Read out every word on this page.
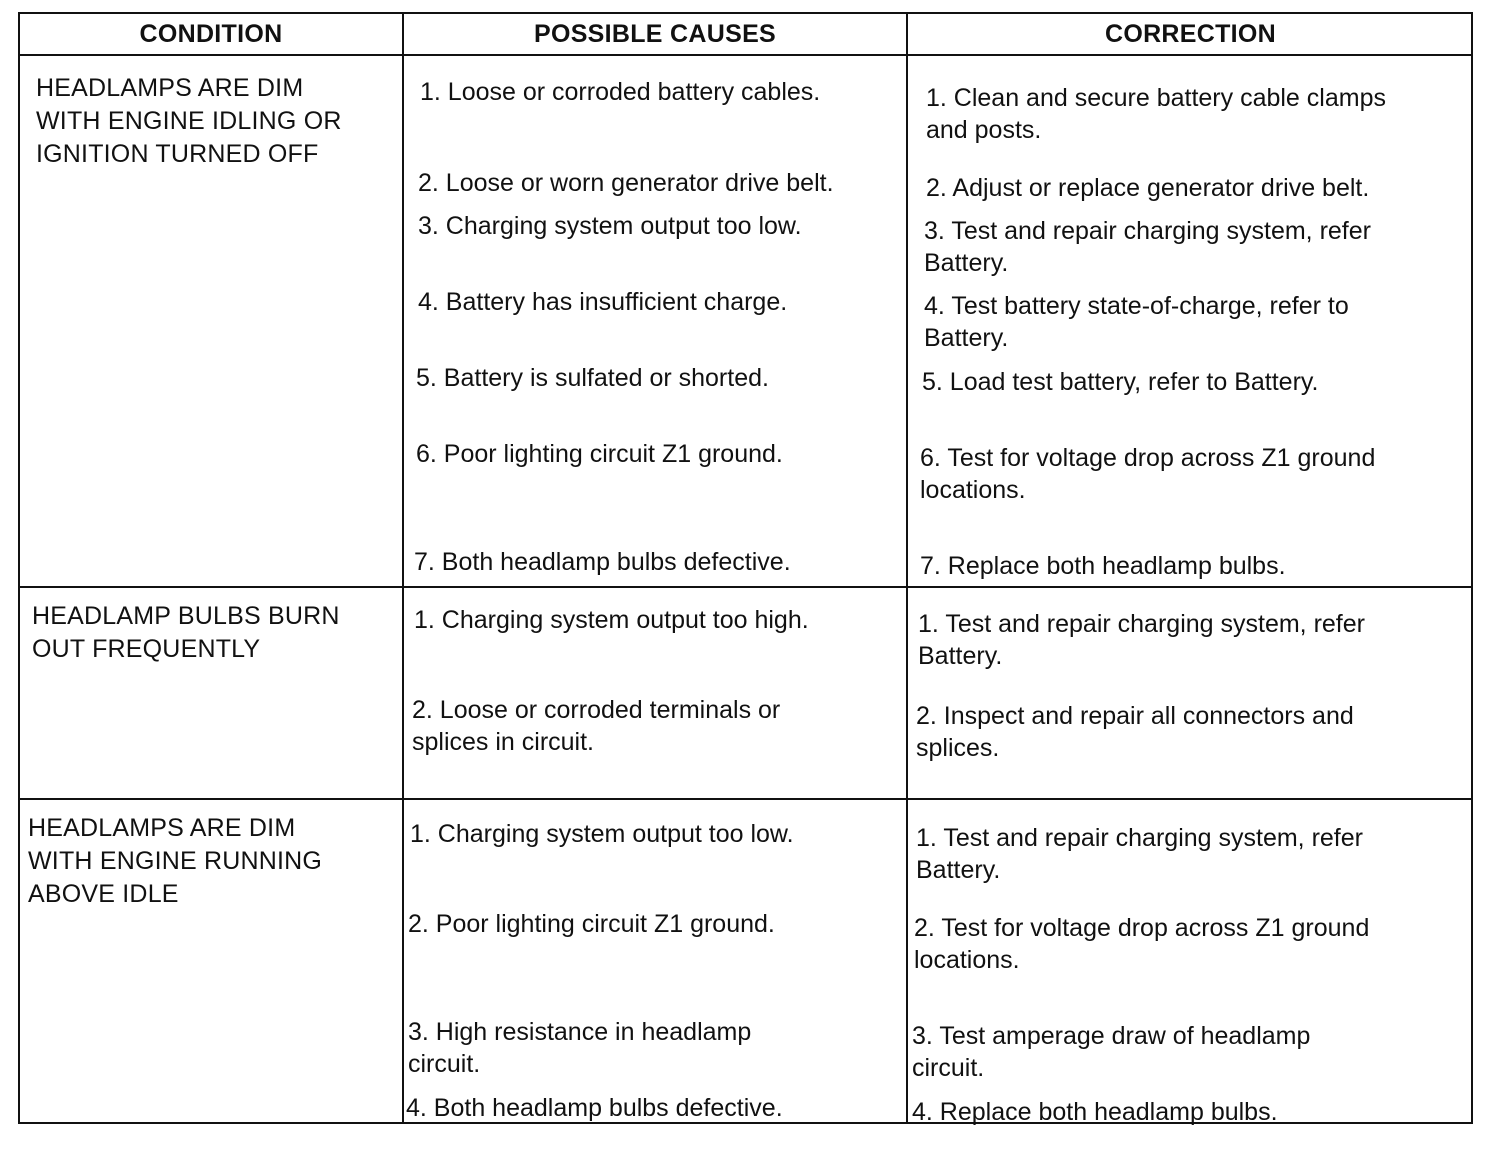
CONDITION	POSSIBLE CAUSES	CORRECTION
HEADLAMPS ARE DIM
WITH ENGINE IDLING OR
IGNITION TURNED OFF
1. Loose or corroded battery cables.
2. Loose or worn generator drive belt.
3. Charging system output too low.
4. Battery has insufficient charge.
5. Battery is sulfated or shorted.
6. Poor lighting circuit Z1 ground.
7. Both headlamp bulbs defective.
1. Clean and secure battery cable clamps
and posts.
2. Adjust or replace generator drive belt.
3. Test and repair charging system, refer
Battery.
4. Test battery state-of-charge, refer to
Battery.
5. Load test battery, refer to Battery.
6. Test for voltage drop across Z1 ground
locations.
7. Replace both headlamp bulbs.
HEADLAMP BULBS BURN
OUT FREQUENTLY
1. Charging system output too high.
2. Loose or corroded terminals or
splices in circuit.
1. Test and repair charging system, refer
Battery.
2. Inspect and repair all connectors and
splices.
HEADLAMPS ARE DIM
WITH ENGINE RUNNING
ABOVE IDLE
1. Charging system output too low.
2. Poor lighting circuit Z1 ground.
3. High resistance in headlamp
circuit.
4. Both headlamp bulbs defective.
1. Test and repair charging system, refer
Battery.
2. Test for voltage drop across Z1 ground
locations.
3. Test amperage draw of headlamp
circuit.
4. Replace both headlamp bulbs.
